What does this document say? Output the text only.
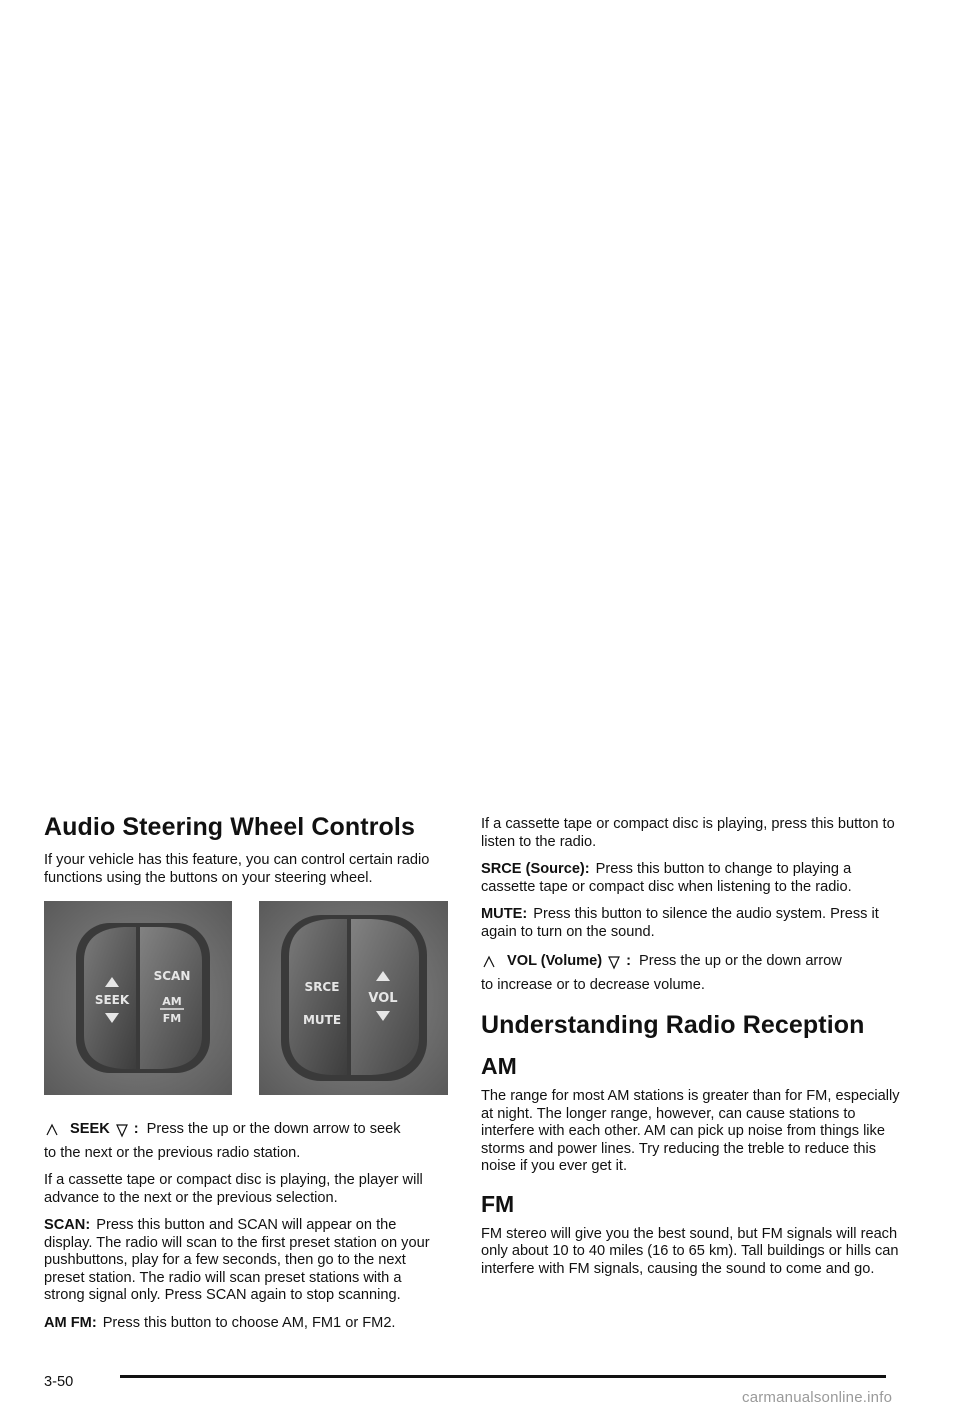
Audio Steering Wheel Controls

If your vehicle has this feature, you can control certain radio functions using the buttons on your steering wheel.

SEEK
SCAN
AM
FM
SRCE
MUTE
VOL
SEEK : Press the up or the down arrow to seek

to the next or the previous radio station.

If a cassette tape or compact disc is playing, the player will advance to the next or the previous selection.

SCAN: Press this button and SCAN will appear on the display. The radio will scan to the first preset station on your pushbuttons, play for a few seconds, then go to the next preset station. The radio will scan preset stations with a strong signal only. Press SCAN again to stop scanning.

AM FM: Press this button to choose AM, FM1 or FM2.

If a cassette tape or compact disc is playing, press this button to listen to the radio.

SRCE (Source): Press this button to change to playing a cassette tape or compact disc when listening to the radio.

MUTE: Press this button to silence the audio system. Press it again to turn on the sound.

VOL (Volume) : Press the up or the down arrow

to increase or to decrease volume.

Understanding Radio Reception
AM

The range for most AM stations is greater than for FM, especially at night. The longer range, however, can cause stations to interfere with each other. AM can pick up noise from things like storms and power lines. Try reducing the treble to reduce this noise if you ever get it.

FM

FM stereo will give you the best sound, but FM signals will reach only about 10 to 40 miles (16 to 65 km). Tall buildings or hills can interfere with FM signals, causing the sound to come and go.

3-50
carmanualsonline.info
